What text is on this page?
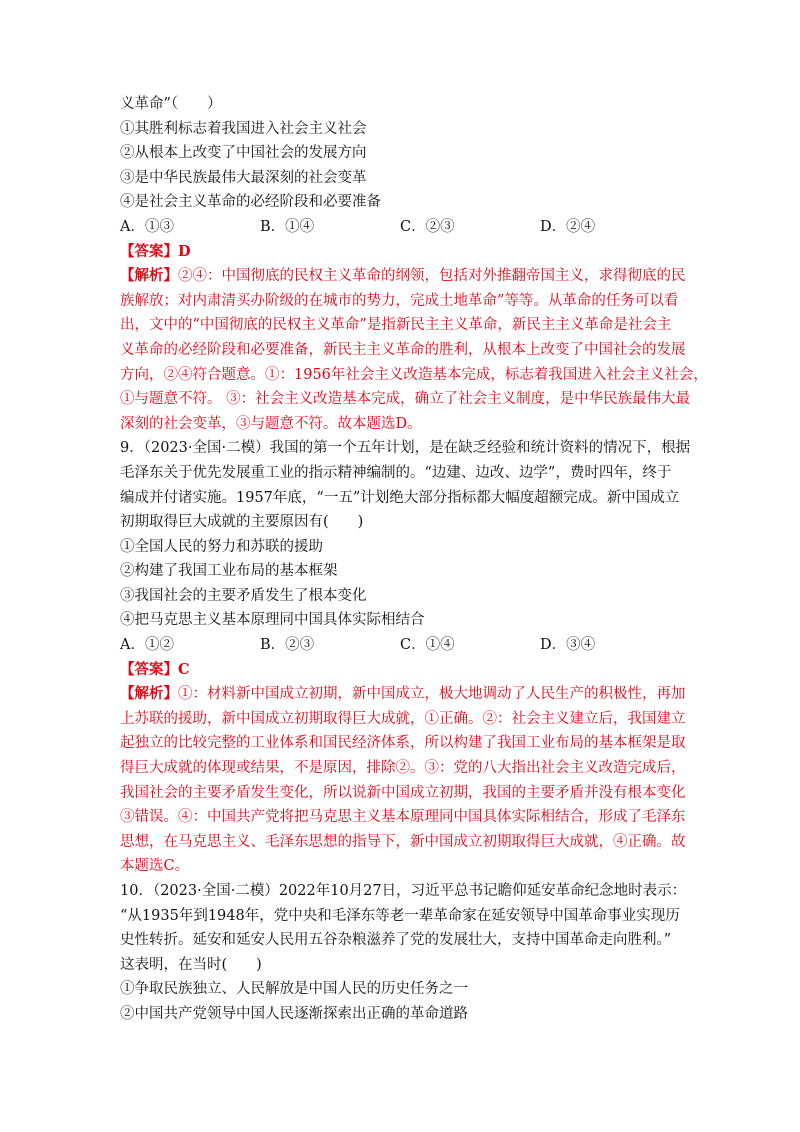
义革命”（　　）
①其胜利标志着我国进入社会主义社会
②从根本上改变了中国社会的发展方向
③是中华民族最伟大最深刻的社会变革
④是社会主义革命的必经阶段和必要准备
A．①③	B．①④	C．②③	D．②④
【答案】D
【解析】②④：中国彻底的民权主义革命的纲领，包括对外推翻帝国主义，求得彻底的民
族解放；对内肃清买办阶级的在城市的势力，完成土地革命”等等。从革命的任务可以看
出，文中的“中国彻底的民权主义革命”是指新民主主义革命，新民主主义革命是社会主
义革命的必经阶段和必要准备，新民主主义革命的胜利，从根本上改变了中国社会的发展
方向，②④符合题意。①：1956年社会主义改造基本完成，标志着我国进入社会主义社会，
①与题意不符。 ③：社会主义改造基本完成，确立了社会主义制度，是中华民族最伟大最
深刻的社会变革，③与题意不符。故本题选D。
9．（2023·全国·二模）我国的第一个五年计划，是在缺乏经验和统计资料的情况下，根据
毛泽东关于优先发展重工业的指示精神编制的。“边建、边改、边学”，费时四年，终于
编成并付诸实施。1957年底，“一五”计划绝大部分指标都大幅度超额完成。新中国成立
初期取得巨大成就的主要原因有(　　)
①全国人民的努力和苏联的援助
②构建了我国工业布局的基本框架
③我国社会的主要矛盾发生了根本变化
④把马克思主义基本原理同中国具体实际相结合
A．①②	B．②③	C．①④	D．③④
【答案】C
【解析】①：材料新中国成立初期，新中国成立，极大地调动了人民生产的积极性，再加
上苏联的援助，新中国成立初期取得巨大成就，①正确。②：社会主义建立后，我国建立
起独立的比较完整的工业体系和国民经济体系，所以构建了我国工业布局的基本框架是取
得巨大成就的体现或结果，不是原因，排除②。③：党的八大指出社会主义改造完成后，
我国社会的主要矛盾发生变化，所以说新中国成立初期，我国的主要矛盾并没有根本变化
③错误。④：中国共产党将把马克思主义基本原理同中国具体实际相结合，形成了毛泽东
思想，在马克思主义、毛泽东思想的指导下，新中国成立初期取得巨大成就，④正确。故
本题选C。
10．（2023·全国·二模）2022年10月27日，习近平总书记瞻仰延安革命纪念地时表示：
“从1935年到1948年，党中央和毛泽东等老一辈革命家在延安领导中国革命事业实现历
史性转折。延安和延安人民用五谷杂粮滋养了党的发展壮大，支持中国革命走向胜利。”
这表明，在当时(　　)
①争取民族独立、人民解放是中国人民的历史任务之一
②中国共产党领导中国人民逐渐探索出正确的革命道路
